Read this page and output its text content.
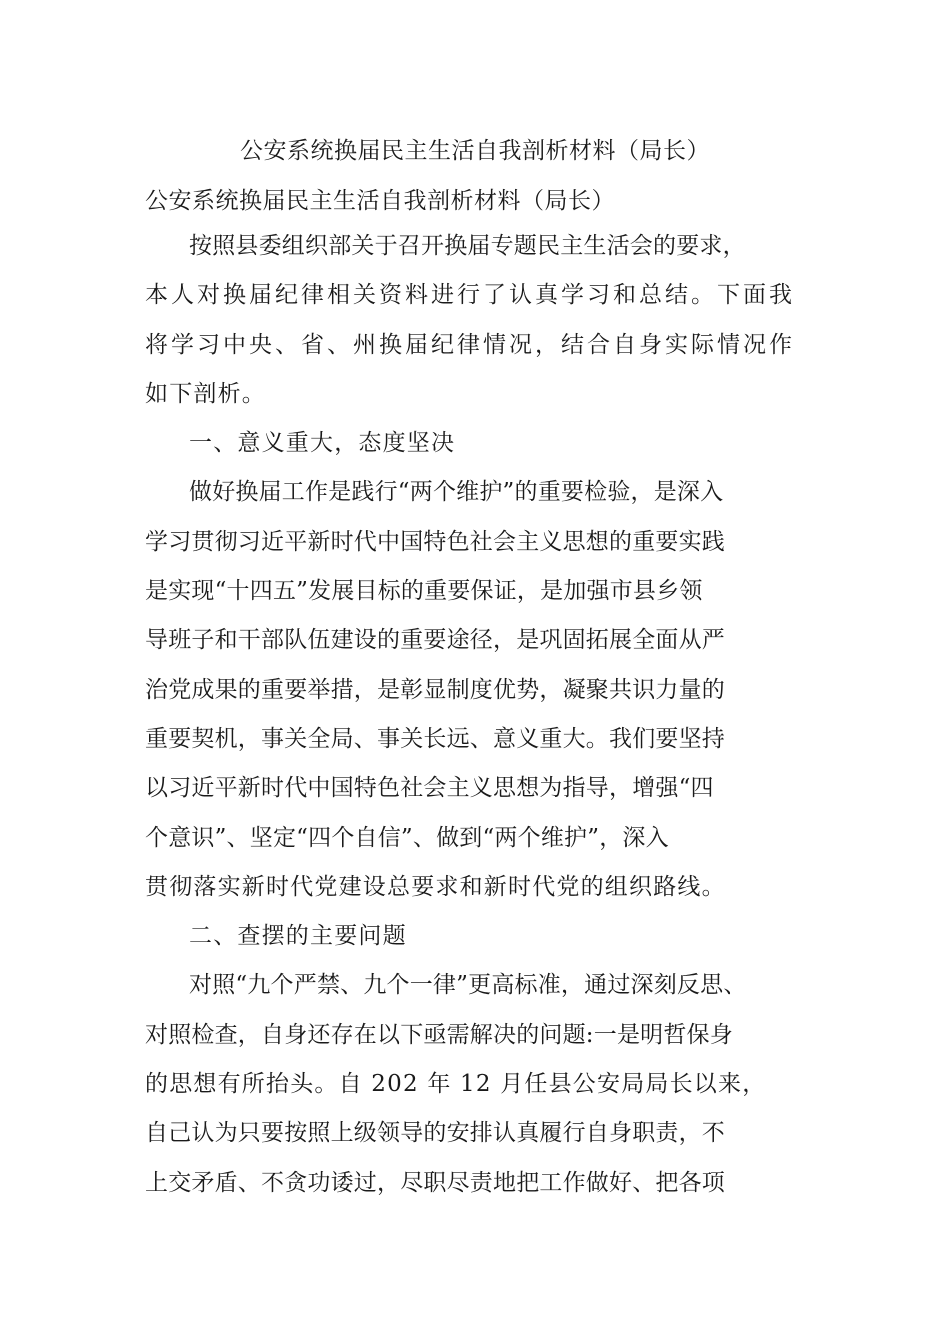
公安系统换届民主生活自我剖析材料（局长）
公安系统换届民主生活自我剖析材料（局长）
按照县委组织部关于召开换届专题民主生活会的要求，
本人对换届纪律相关资料进行了认真学习和总结。下面我
将学习中央、省、州换届纪律情况，结合自身实际情况作
如下剖析。
一、意义重大，态度坚决
做好换届工作是践行“两个维护”的重要检验，是深入
学习贯彻习近平新时代中国特色社会主义思想的重要实践
是实现“十四五”发展目标的重要保证，是加强市县乡领
导班子和干部队伍建设的重要途径，是巩固拓展全面从严
治党成果的重要举措，是彰显制度优势，凝聚共识力量的
重要契机，事关全局、事关长远、意义重大。我们要坚持
以习近平新时代中国特色社会主义思想为指导，增强“四
个意识”、坚定“四个自信”、做到“两个维护”，深入
贯彻落实新时代党建设总要求和新时代党的组织路线。
二、查摆的主要问题
对照“九个严禁、九个一律”更高标准，通过深刻反思、
对照检查，自身还存在以下亟需解决的问题:一是明哲保身
的思想有所抬头。自 202 年 12 月任县公安局局长以来，
自己认为只要按照上级领导的安排认真履行自身职责，不
上交矛盾、不贪功诿过，尽职尽责地把工作做好、把各项
